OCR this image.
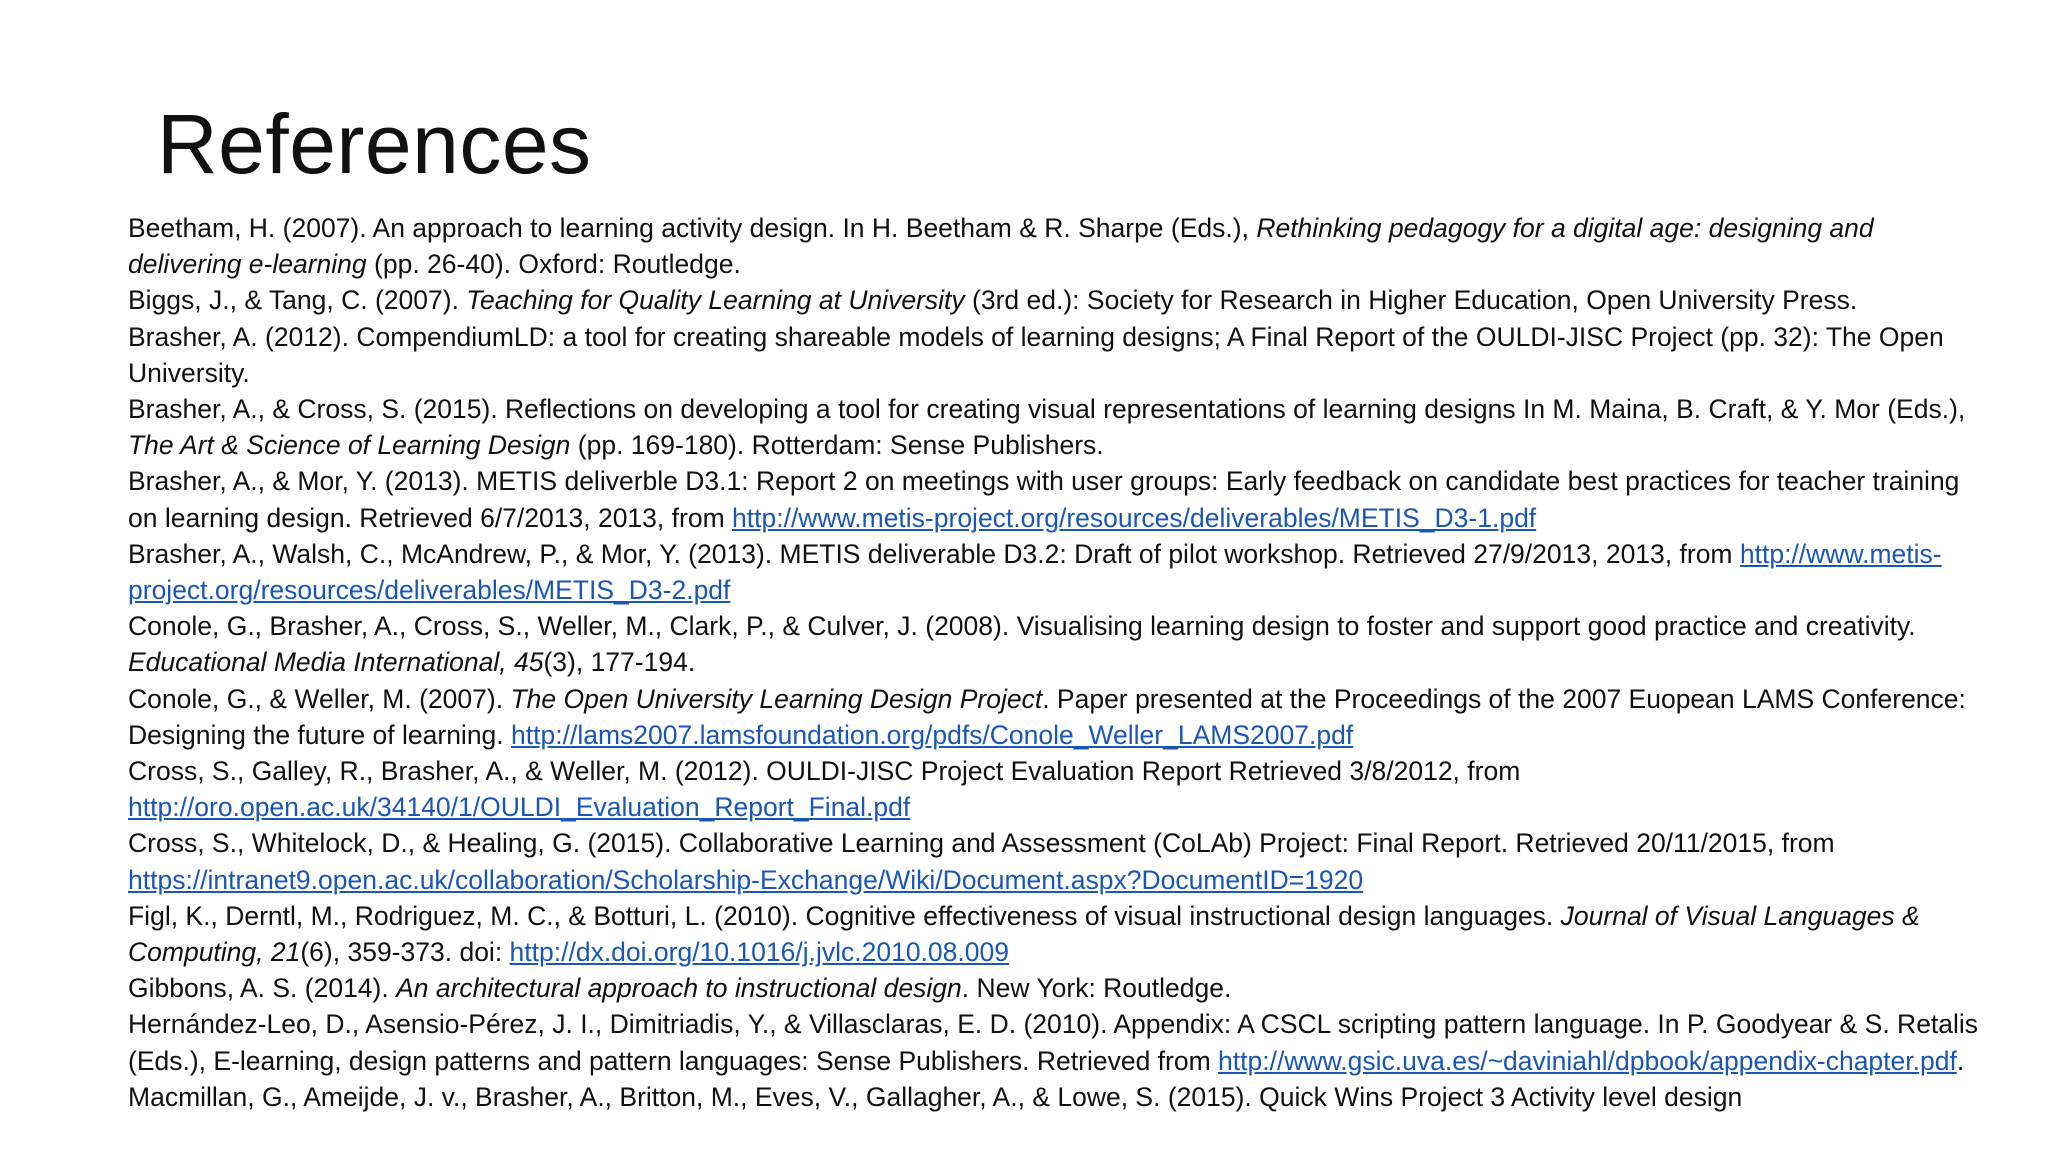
References
Beetham, H. (2007). An approach to learning activity design. In H. Beetham & R. Sharpe (Eds.), Rethinking pedagogy for a digital age: designing and delivering e-learning (pp. 26-40). Oxford: Routledge.
Biggs, J., & Tang, C. (2007). Teaching for Quality Learning at University (3rd ed.): Society for Research in Higher Education, Open University Press.
Brasher, A. (2012). CompendiumLD: a tool for creating shareable models of learning designs; A Final Report of the OULDI-JISC Project (pp. 32): The Open University.
Brasher, A., & Cross, S. (2015). Reflections on developing a tool for creating visual representations of learning designs In M. Maina, B. Craft, & Y. Mor (Eds.), The Art & Science of Learning Design (pp. 169-180). Rotterdam: Sense Publishers.
Brasher, A., & Mor, Y. (2013). METIS deliverble D3.1: Report 2 on meetings with user groups: Early feedback on candidate best practices for teacher training on learning design. Retrieved 6/7/2013, 2013, from http://www.metis-project.org/resources/deliverables/METIS_D3-1.pdf
Brasher, A., Walsh, C., McAndrew, P., & Mor, Y. (2013). METIS deliverable D3.2: Draft of pilot workshop. Retrieved 27/9/2013, 2013, from http://www.metis-project.org/resources/deliverables/METIS_D3-2.pdf
Conole, G., Brasher, A., Cross, S., Weller, M., Clark, P., & Culver, J. (2008). Visualising learning design to foster and support good practice and creativity. Educational Media International, 45(3), 177-194.
Conole, G., & Weller, M. (2007). The Open University Learning Design Project. Paper presented at the Proceedings of the 2007 Euopean LAMS Conference: Designing the future of learning. http://lams2007.lamsfoundation.org/pdfs/Conole_Weller_LAMS2007.pdf
Cross, S., Galley, R., Brasher, A., & Weller, M. (2012). OULDI-JISC Project Evaluation Report Retrieved 3/8/2012, from http://oro.open.ac.uk/34140/1/OULDI_Evaluation_Report_Final.pdf
Cross, S., Whitelock, D., & Healing, G. (2015). Collaborative Learning and Assessment (CoLAb) Project: Final Report. Retrieved 20/11/2015, from https://intranet9.open.ac.uk/collaboration/Scholarship-Exchange/Wiki/Document.aspx?DocumentID=1920
Figl, K., Derntl, M., Rodriguez, M. C., & Botturi, L. (2010). Cognitive effectiveness of visual instructional design languages. Journal of Visual Languages & Computing, 21(6), 359-373. doi: http://dx.doi.org/10.1016/j.jvlc.2010.08.009
Gibbons, A. S. (2014). An architectural approach to instructional design. New York: Routledge.
Hernández-Leo, D., Asensio-Pérez, J. I., Dimitriadis, Y., & Villasclaras, E. D. (2010). Appendix: A CSCL scripting pattern language. In P. Goodyear & S. Retalis (Eds.), E-learning, design patterns and pattern languages: Sense Publishers. Retrieved from http://www.gsic.uva.es/~daviniahl/dpbook/appendix-chapter.pdf.
Macmillan, G., Ameijde, J. v., Brasher, A., Britton, M., Eves, V., Gallagher, A., & Lowe, S. (2015). Quick Wins Project 3 Activity level design
